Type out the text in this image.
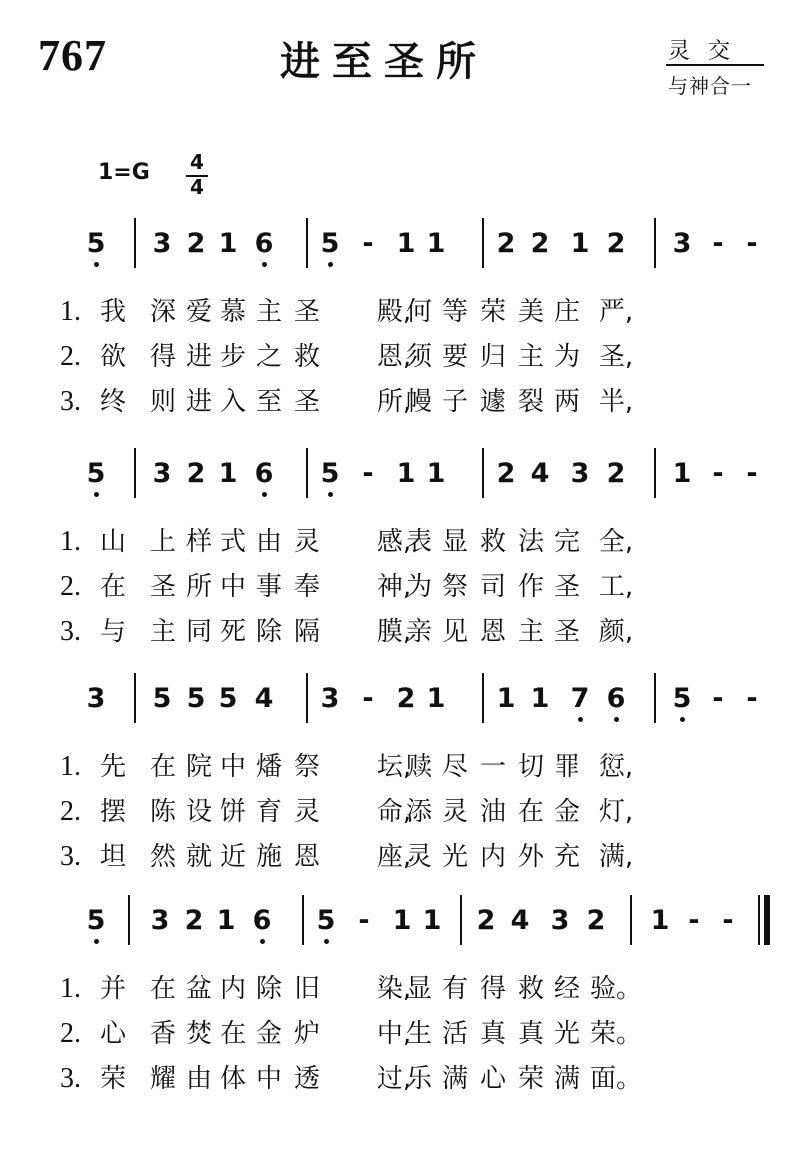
767	进至圣所	灵交
与神合一
1=G 4
4
5 3 2 1 6 5 - 1 1 2 2 1 2 3 - -
1. 我 深 爱 慕 主 圣	殿,
何 等 荣 美 庄 严,
2. 欲 得 进 步 之 救	恩,
须 要 归 主 为 圣,
3. 终 则 进 入 至 圣	所,
幔 子 遽 裂 两 半,
5 3 2 1 6 5 - 1 1 2 4 3 2 1 - -
1. 山 上 样 式 由 灵	感,
表 显 救 法 完 全,
2. 在 圣 所 中 事 奉	神,
为 祭 司 作 圣 工,
3. 与 主 同 死 除 隔	膜,
亲 见 恩 主 圣 颜,
3 5 5 5 4 3 - 2 1 1 1 7 6 5 - -
1. 先 在 院 中 燔 祭	坛,
赎 尽 一 切 罪 愆,
2. 摆 陈 设 饼 育 灵	命,
添 灵 油 在 金 灯,
3. 坦 然 就 近 施 恩	座,
灵 光 内 外 充 满,
5 3 2 1 6 5 - 1 1 2 4 3 2 1 - -
1. 并 在 盆 内 除 旧	染,
显 有 得 救 经 验。
2. 心 香 焚 在 金 炉	中,
生 活 真 真 光 荣。
3. 荣 耀 由 体 中 透	过,
乐 满 心 荣 满 面。
